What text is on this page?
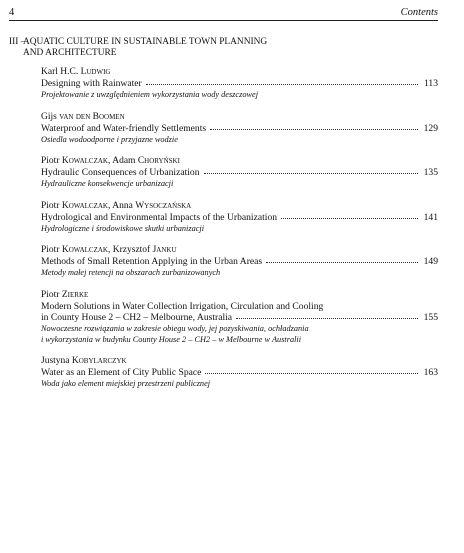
4	Contents
III –
AQUATIC CULTURE IN SUSTAINABLE TOWN PLANNING
AND ARCHITECTURE
Karl H.C. Ludwig
Designing with Rainwater	113
Projektowanie z uwzględnieniem wykorzystania wody deszczowej
Gijs van den Boomen
Waterproof and Water-friendly Settlements	129
Osiedla wodoodporne i przyjazne wodzie
Piotr Kowalczak, Adam Choryński
Hydraulic Consequences of Urbanization	135
Hydrauliczne konsekwencje urbanizacji
Piotr Kowalczak, Anna Wysoczańska
Hydrological and Environmental Impacts of the Urbanization	141
Hydrologiczne i środowiskowe skutki urbanizacji
Piotr Kowalczak, Krzysztof Janku
Methods of Small Retention Applying in the Urban Areas	149
Metody małej retencji na obszarach zurbanizowanych
Piotr Zierke
Modern Solutions in Water Collection Irrigation, Circulation and Cooling
in County House 2 – CH2 – Melbourne, Australia	155
Nowoczesne rozwiązania w zakresie obiegu wody, jej pozyskiwania, ochładzania
i wykorzystania w budynku County House 2 – CH2 – w Melbourne w Australii
Justyna Kobylarczyk
Water as an Element of City Public Space	163
Woda jako element miejskiej przestrzeni publicznej
